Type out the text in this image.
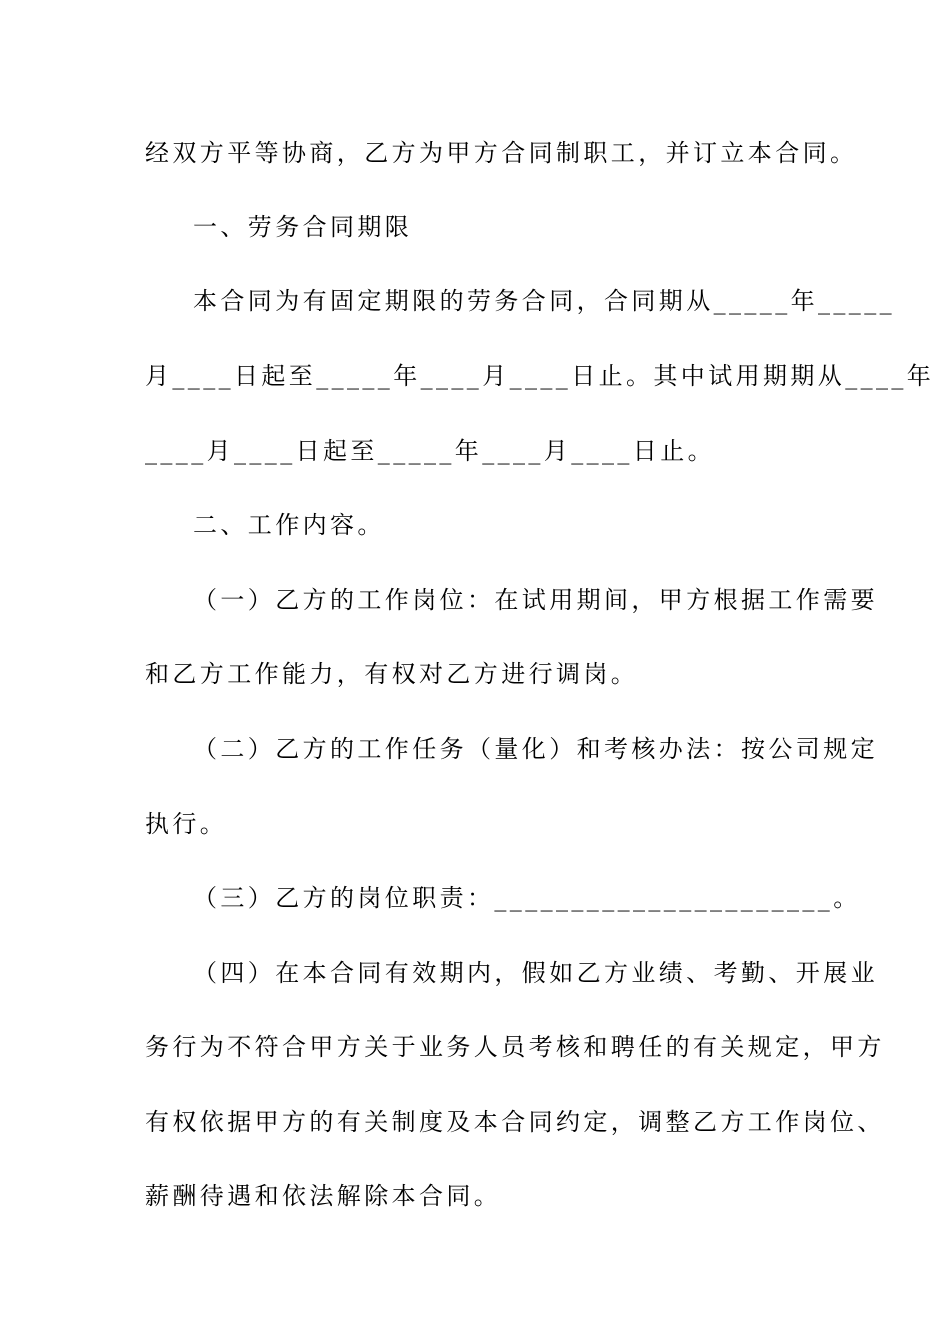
经双方平等协商，乙方为甲方合同制职工，并订立本合同。
一、劳务合同期限
本合同为有固定期限的劳务合同，合同期从_____年_____
月____日起至_____年____月____日止。其中试用期期从____年
____月____日起至_____年____月____日止。
二、工作内容。
（一）乙方的工作岗位：在试用期间，甲方根据工作需要
和乙方工作能力，有权对乙方进行调岗。
（二）乙方的工作任务（量化）和考核办法：按公司规定
执行。
（三）乙方的岗位职责：______________________。
（四）在本合同有效期内，假如乙方业绩、考勤、开展业
务行为不符合甲方关于业务人员考核和聘任的有关规定，甲方
有权依据甲方的有关制度及本合同约定，调整乙方工作岗位、
薪酬待遇和依法解除本合同。
